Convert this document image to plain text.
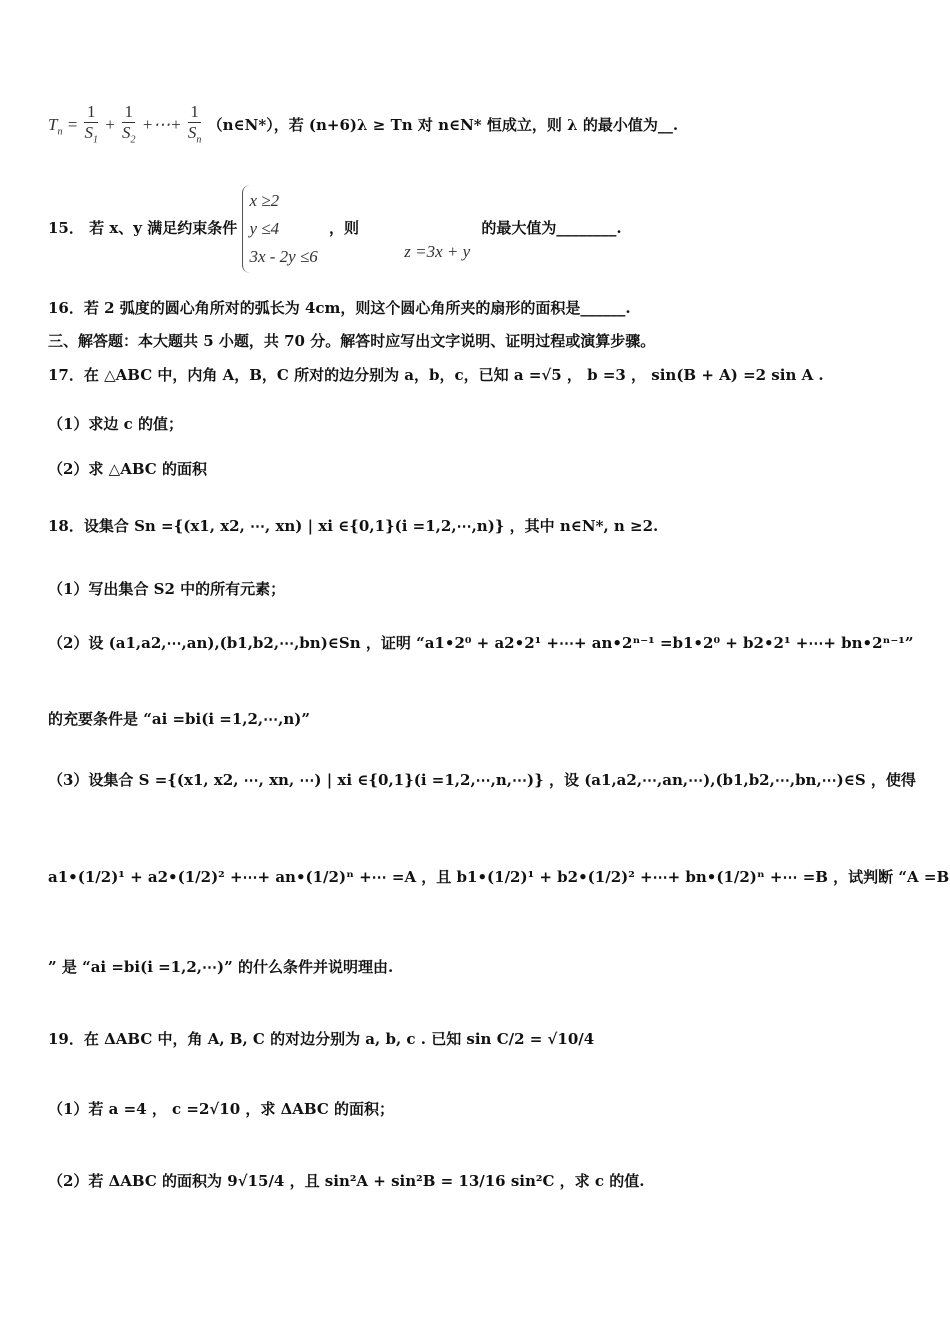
$T_n = \frac{1}{S_1} + \frac{1}{S_2}$ +⋯+ $\frac{1}{S_n}$ （n∈N*），若 (n+6)λ ≥ Tn 对 n∈N* 恒成立，则 λ 的最小值为__.
15． 若 x、y 满足约束条件
x ≥2
y ≤4
3x - 2y ≤6
，则 z =3x + y 的最大值为________.
16．若 2 弧度的圆心角所对的弧长为 4cm，则这个圆心角所夹的扇形的面积是______.
三、解答题：本大题共 5 小题，共 70 分。解答时应写出文字说明、证明过程或演算步骤。
17．在 △ABC 中，内角 A，B，C 所对的边分别为 a，b，c，已知 a =√5 ， b =3 ， sin(B + A) =2 sin A .
（1）求边 c 的值；
（2）求 △ABC 的面积
18．设集合 Sn ={(x1, x2, ⋯, xn) | xi ∈{0,1}(i =1,2,⋯,n)} ，其中 n∈N*, n ≥2.
（1）写出集合 S2 中的所有元素；
（2）设 (a1,a2,⋯,an),(b1,b2,⋯,bn)∈Sn ，证明 “a1•2⁰ + a2•2¹ +⋯+ an•2ⁿ⁻¹ =b1•2⁰ + b2•2¹ +⋯+ bn•2ⁿ⁻¹”
的充要条件是 “ai =bi(i =1,2,⋯,n)”
（3）设集合 S ={(x1, x2, ⋯, xn, ⋯) | xi ∈{0,1}(i =1,2,⋯,n,⋯)} ，设 (a1,a2,⋯,an,⋯),(b1,b2,⋯,bn,⋯)∈S ，使得
a1•(1/2)¹ + a2•(1/2)² +⋯+ an•(1/2)ⁿ +⋯ =A ，且 b1•(1/2)¹ + b2•(1/2)² +⋯+ bn•(1/2)ⁿ +⋯ =B ，试判断 “A =B
” 是 “ai =bi(i =1,2,⋯)” 的什么条件并说明理由.
19．在 ΔABC 中，角 A, B, C 的对边分别为 a, b, c . 已知 sin C/2 = √10/4
（1）若 a =4 ， c =2√10 ，求 ΔABC 的面积；
（2）若 ΔABC 的面积为 9√15/4 ，且 sin²A + sin²B = 13/16 sin²C ，求 c 的值.
